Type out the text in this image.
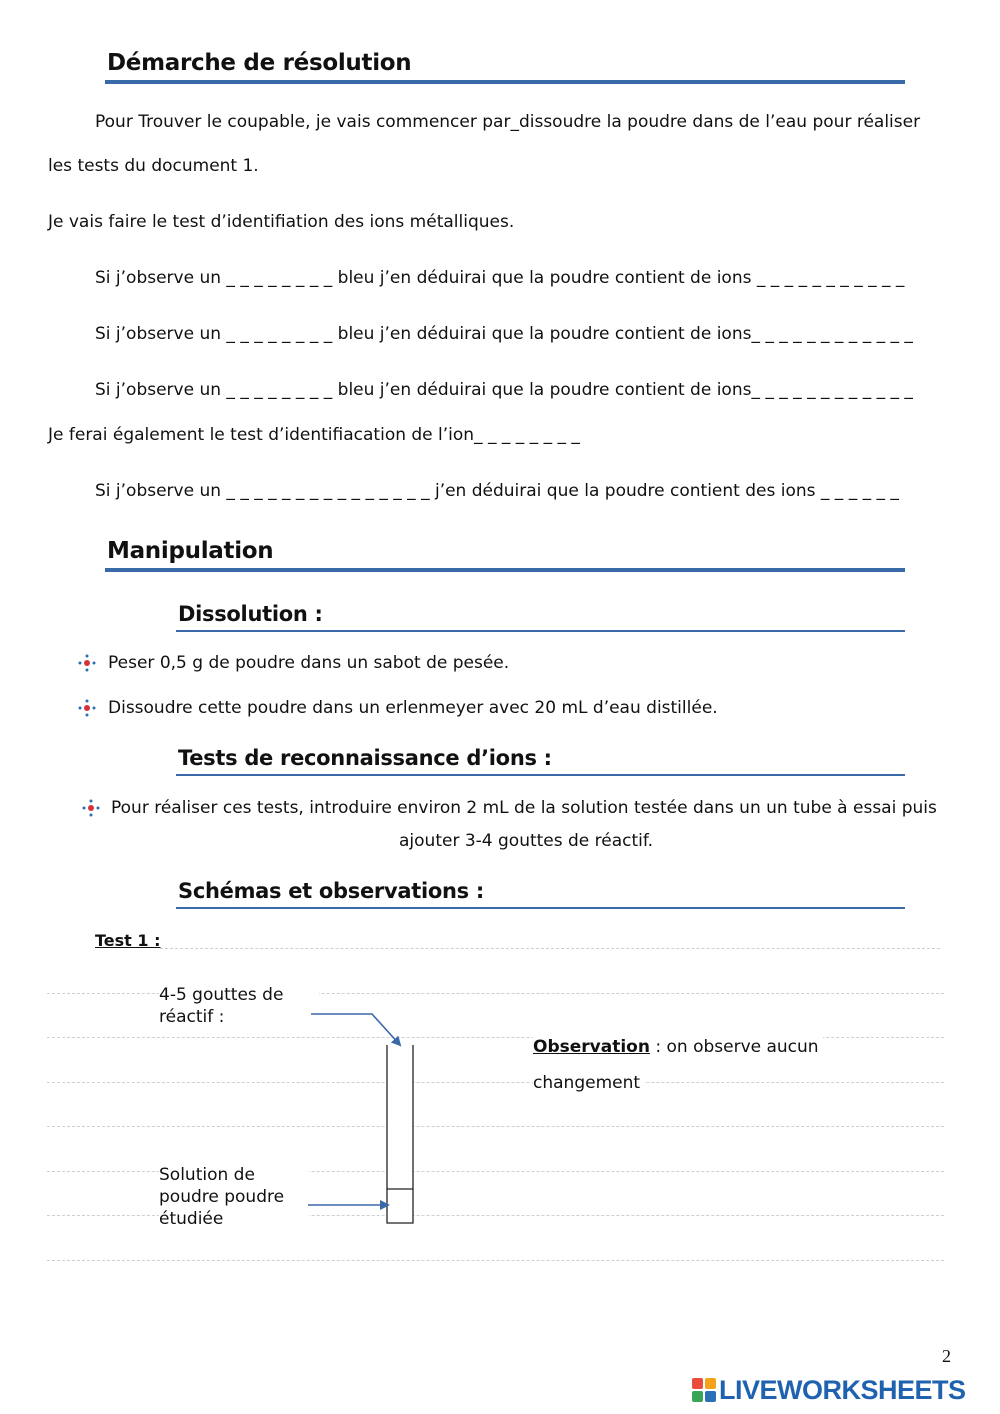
Démarche de résolution
Pour Trouver le coupable, je vais commencer par_dissoudre la poudre dans de l’eau pour réaliser
les tests du document 1.
Je vais faire le test d’identifiation des ions métalliques.
Si j’observe un _ _ _ _ _ _ _ _ bleu j’en déduirai que la poudre contient de ions _ _ _ _ _ _ _ _ _ _ _
Si j’observe un _ _ _ _ _ _ _ _ bleu j’en déduirai que la poudre contient de ions_ _ _ _ _ _ _ _ _ _ _ _
Si j’observe un _ _ _ _ _ _ _ _ bleu j’en déduirai que la poudre contient de ions_ _ _ _ _ _ _ _ _ _ _ _
Je ferai également le test d’identifiacation de l’ion_ _ _ _ _ _ _ _
Si j’observe un _ _ _ _ _ _ _ _ _ _ _ _ _ _ _ j’en déduirai que la poudre contient des ions _ _ _ _ _ _
Manipulation
Dissolution :
Peser 0,5 g de poudre dans un sabot de pesée.
Dissoudre cette poudre dans un erlenmeyer avec 20 mL d’eau distillée.
Tests de reconnaissance d’ions :
Pour réaliser ces tests, introduire environ 2 mL de la solution testée dans un un tube à essai puis
ajouter 3-4 gouttes de réactif.
Schémas et observations :
Test 1 :
4-5 gouttes de
réactif :
Solution de
poudre poudre
étudiée
Observation : on observe aucun
changement
2
LIVEWORKSHEETS
